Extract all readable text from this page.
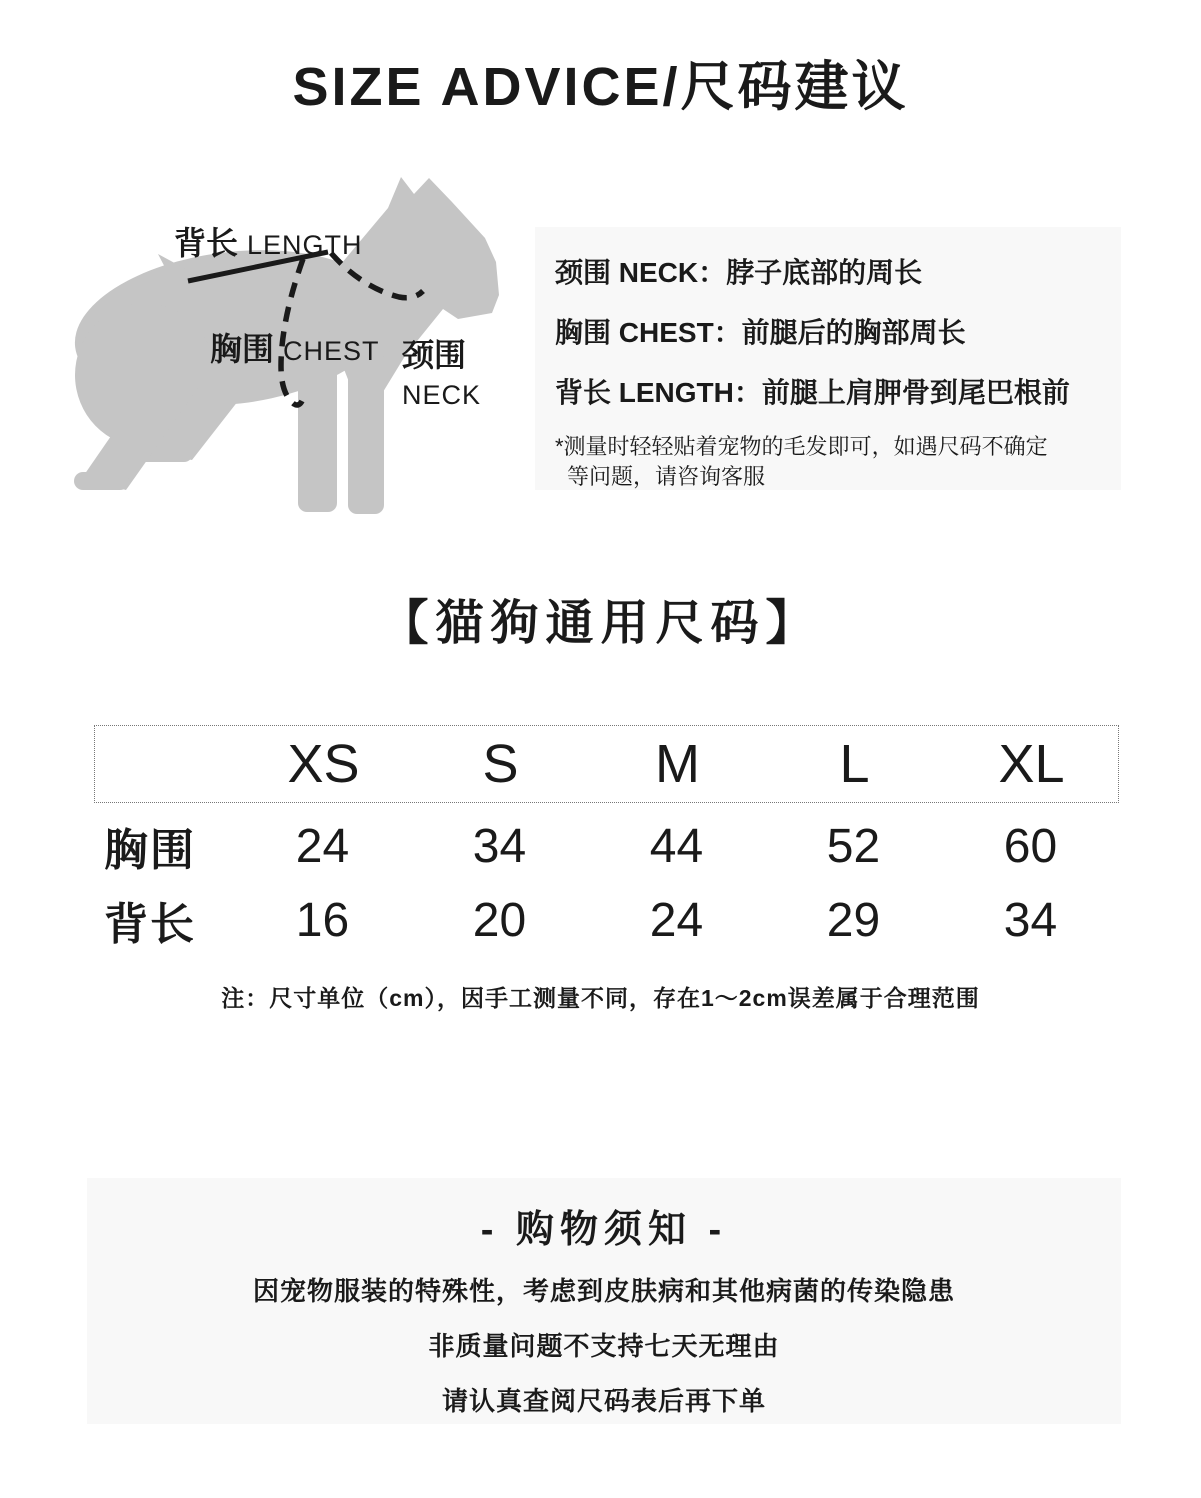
SIZE ADVICE/尺码建议
背长 LENGTH
胸围 CHEST 颈围
NECK

颈围 NECK：脖子底部的周长

胸围 CHEST：前腿后的胸部周长

背长 LENGTH：前腿上肩胛骨到尾巴根前

*测量时轻轻贴着宠物的毛发即可，如遇尺码不确定

等问题，请咨询客服

【猫狗通用尺码】
XS	S	M	L	XL
胸围	24	34	44	52	60
背长	16	20	24	29	34

注：尺寸单位（cm），因手工测量不同，存在1～2cm误差属于合理范围

- 购物须知 -

因宠物服装的特殊性，考虑到皮肤病和其他病菌的传染隐患

非质量问题不支持七天无理由

请认真查阅尺码表后再下单
